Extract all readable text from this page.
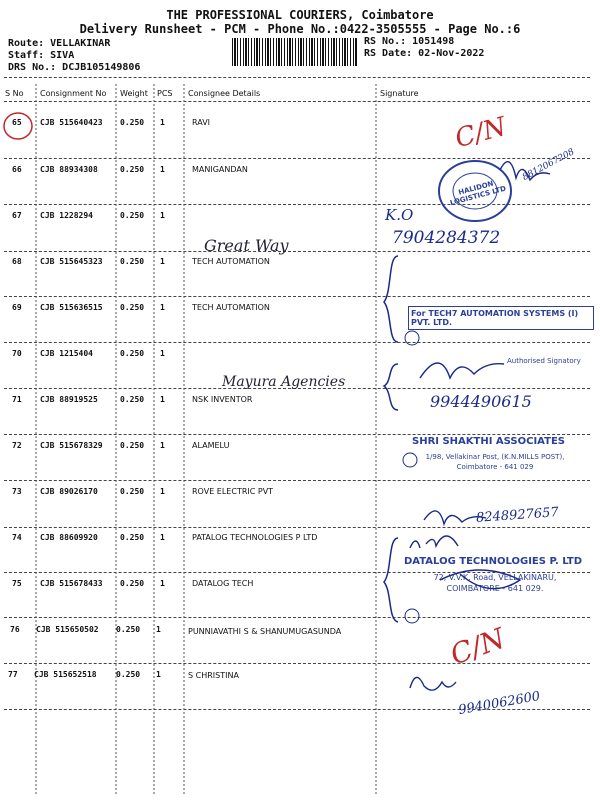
THE PROFESSIONAL COURIERS, Coimbatore
Delivery Runsheet - PCM - Phone No.:0422-3505555 - Page No.:6
Route: VELLAKINAR
Staff: SIVA
DRS No.: DCJB105149806
RS No.: 1051498
RS Date: 02-Nov-2022
S No Consignment No Weight PCS Consignee Details	Signature
65 CJB 515640423 0.250 1	RAVI
66 CJB 88934308	0.250 1	MANIGANDAN
67 CJB 1228294	0.250 1
68 CJB 515645323 0.250 1	TECH AUTOMATION
69 CJB 515636515 0.250 1	TECH AUTOMATION
70 CJB 1215404	0.250 1
71 CJB 88919525	0.250 1	NSK INVENTOR
72 CJB 515678329 0.250 1	ALAMELU
73 CJB 89026170	0.250 1	ROVE ELECTRIC PVT
74 CJB 88609920	0.250 1	PATALOG TECHNOLOGIES P LTD
75 CJB 515678433 0.250 1	DATALOG TECH
76 CJB 515650502 0.250 1	PUNNIAVATHI S & SHANUMUGASUNDA
77 CJB 515652518 0.250 1	S CHRISTINA
C/N
C/N
HALIDON LOGISTICS LTD
8812067208
K.O
7904284372
Great Way
For TECH7 AUTOMATION SYSTEMS (I) PVT. LTD.
Authorised Signatory
Mayura Agencies
9944490615
SHRI SHAKTHI ASSOCIATES
1/98, Vellakinar Post, (K.N.MILLS POST), Coimbatore - 641 029
8248927657
DATALOG TECHNOLOGIES P. LTD
72, V.V.K. Road, VELLAKINARU, COIMBATORE - 641 029.
9940062600
